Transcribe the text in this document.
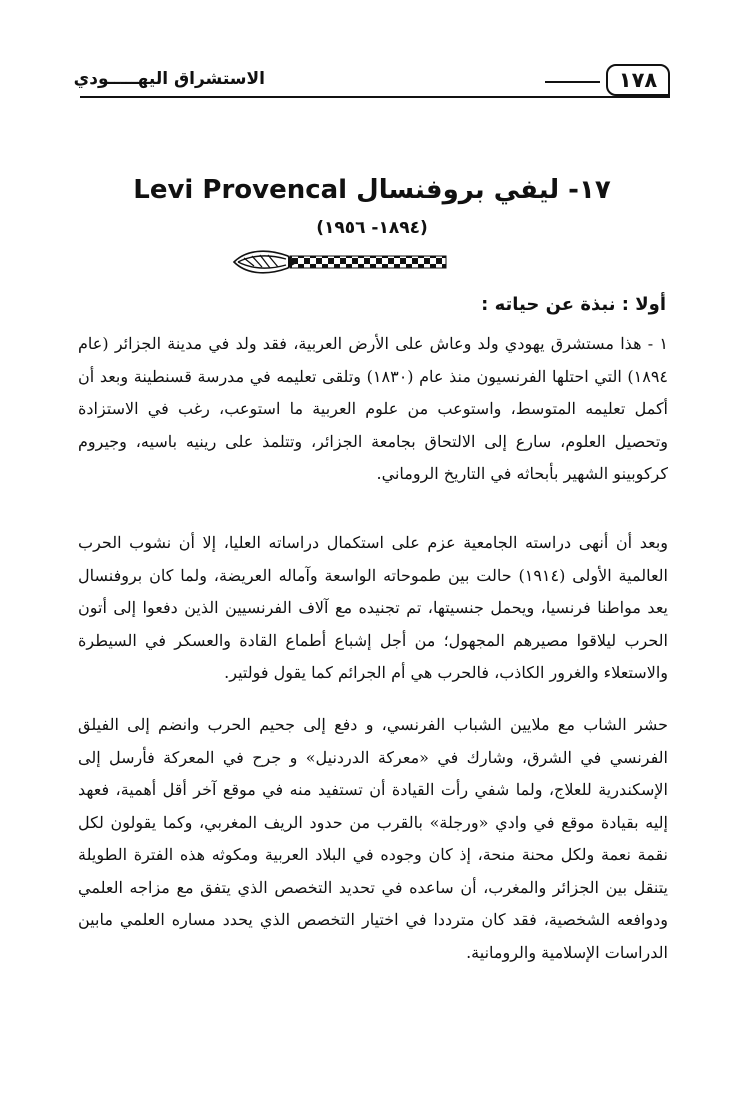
الاستشراق اليهـــــودي	١٧٨
١٧- ليفي بروفنسال Levi Provencal
(١٨٩٤- ١٩٥٦)
أولا : نبذة عن حياته :

١ - هذا مستشرق يهودي ولد وعاش على الأرض العربية، فقد ولد في مدينة الجزائر (عام ١٨٩٤) التي احتلها الفرنسيون منذ عام (١٨٣٠) وتلقى تعليمه في مدرسة قسنطينة وبعد أن أكمل تعليمه المتوسط، واستوعب من علوم العربية ما استوعب، رغب في الاستزادة وتحصيل العلوم، سارع إلى الالتحاق بجامعة الجزائر، وتتلمذ على رينيه باسيه، وجيروم كركوبينو الشهير بأبحاثه في التاريخ الروماني.

وبعد أن أنهى دراسته الجامعية عزم على استكمال دراساته العليا، إلا أن نشوب الحرب العالمية الأولى (١٩١٤) حالت بين طموحاته الواسعة وآماله العريضة، ولما كان بروفنسال يعد مواطنا فرنسيا، ويحمل جنسيتها، تم تجنيده مع آلاف الفرنسيين الذين دفعوا إلى أتون الحرب ليلاقوا مصيرهم المجهول؛ من أجل إشباع أطماع القادة والعسكر في السيطرة والاستعلاء والغرور الكاذب، فالحرب هي أم الجرائم كما يقول فولتير.

حشر الشاب مع ملايين الشباب الفرنسي، و دفع إلى جحيم الحرب وانضم إلى الفيلق الفرنسي في الشرق، وشارك في «معركة الدردنيل» و جرح في المعركة فأرسل إلى الإسكندرية للعلاج، ولما شفي رأت القيادة أن تستفيد منه في موقع آخر أقل أهمية، فعهد إليه بقيادة موقع في وادي «ورجلة» بالقرب من حدود الريف المغربي، وكما يقولون لكل نقمة نعمة ولكل محنة منحة، إذ كان وجوده في البلاد العربية ومكوثه هذه الفترة الطويلة يتنقل بين الجزائر والمغرب، أن ساعده في تحديد التخصص الذي يتفق مع مزاجه العلمي ودوافعه الشخصية، فقد كان مترددا في اختيار التخصص الذي يحدد مساره العلمي مابين الدراسات الإسلامية والرومانية.
